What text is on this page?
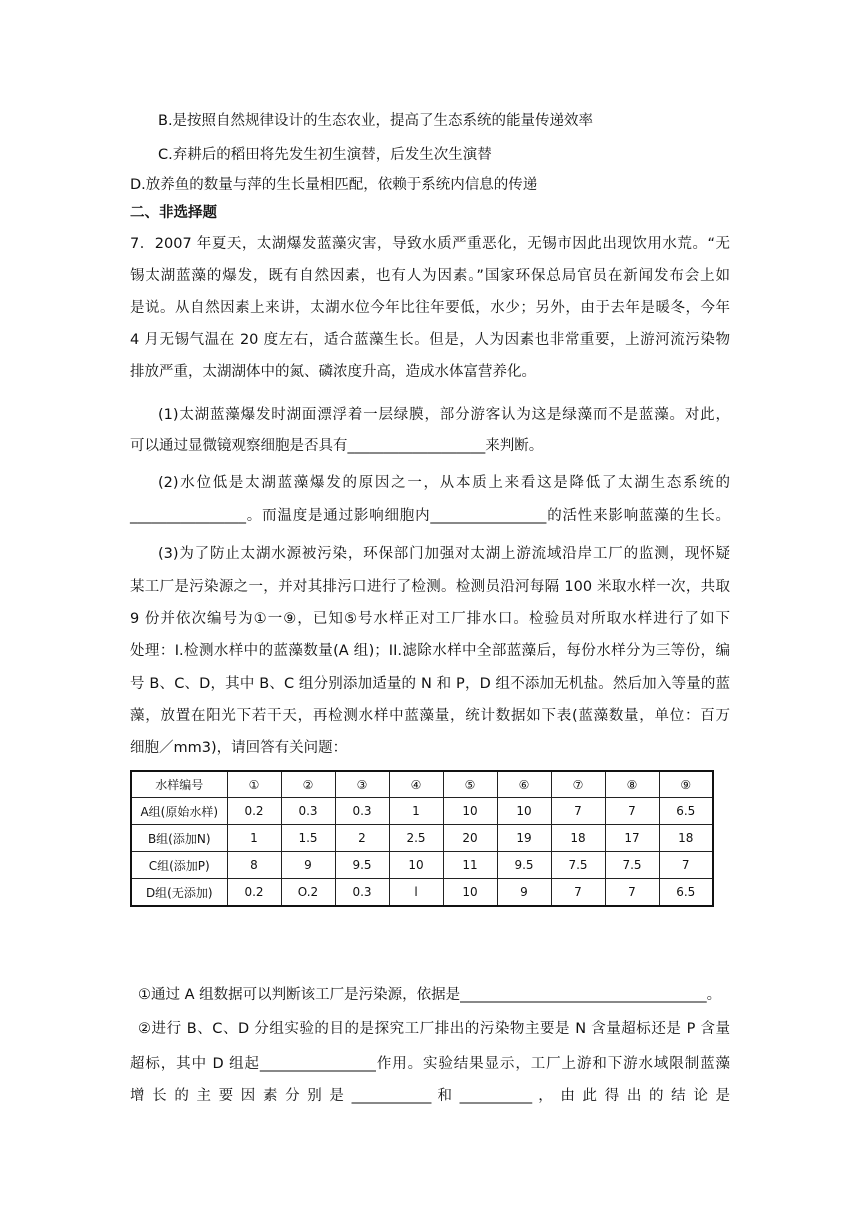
B.是按照自然规律设计的生态农业，提高了生态系统的能量传递效率
C.弃耕后的稻田将先发生初生演替，后发生次生演替
D.放养鱼的数量与萍的生长量相匹配，依赖于系统内信息的传递
二、非选择题
7．2007 年夏天，太湖爆发蓝藻灾害，导致水质严重恶化，无锡市因此出现饮用水荒。“无
锡太湖蓝藻的爆发，既有自然因素，也有人为因素。”国家环保总局官员在新闻发布会上如
是说。从自然因素上来讲，太湖水位今年比往年要低，水少；另外，由于去年是暖冬，今年
4 月无锡气温在 20 度左右，适合蓝藻生长。但是，人为因素也非常重要，上游河流污染物
排放严重，太湖湖体中的氮、磷浓度升高，造成水体富营养化。
(1)太湖蓝藻爆发时湖面漂浮着一层绿膜，部分游客认为这是绿藻而不是蓝藻。对此，
可以通过显微镜观察细胞是否具有___________________来判断。
(2)水位低是太湖蓝藻爆发的原因之一，从本质上来看这是降低了太湖生态系统的
________________。而温度是通过影响细胞内________________的活性来影响蓝藻的生长。
(3)为了防止太湖水源被污染，环保部门加强对太湖上游流域沿岸工厂的监测，现怀疑
某工厂是污染源之一，并对其排污口进行了检测。检测员沿河每隔 100 米取水样一次，共取
9 份并依次编号为①一⑨，已知⑤号水样正对工厂排水口。检验员对所取水样进行了如下
处理：I.检测水样中的蓝藻数量(A 组)；II.滤除水样中全部蓝藻后，每份水样分为三等份，编
号 B、C、D，其中 B、C 组分别添加适量的 N 和 P，D 组不添加无机盐。然后加入等量的蓝
藻，放置在阳光下若干天，再检测水样中蓝藻量，统计数据如下表(蓝藻数量，单位：百万
细胞／mm3)，请回答有关问题：
水样编号	①	②	③	④	⑤	⑥	⑦	⑧	⑨
A组(原始水样)	0.2	0.3	0.3	1	10	10	7	7	6.5
B组(添加N)	1	1.5	2	2.5	20	19	18	17	18
C组(添加P)	8	9	9.5	10	11	9.5	7.5	7.5	7
D组(无添加)	0.2	O.2	0.3	l	10	9	7	7	6.5
①通过 A 组数据可以判断该工厂是污染源，依据是__________________________________。
②进行 B、C、D 分组实验的目的是探究工厂排出的污染物主要是 N 含量超标还是 P 含量
超标，其中 D 组起________________作用。实验结果显示，工厂上游和下游水域限制蓝藻
增 长 的 主 要 因 素 分 别 是 ___________ 和 __________ ， 由 此 得 出 的 结 论 是
